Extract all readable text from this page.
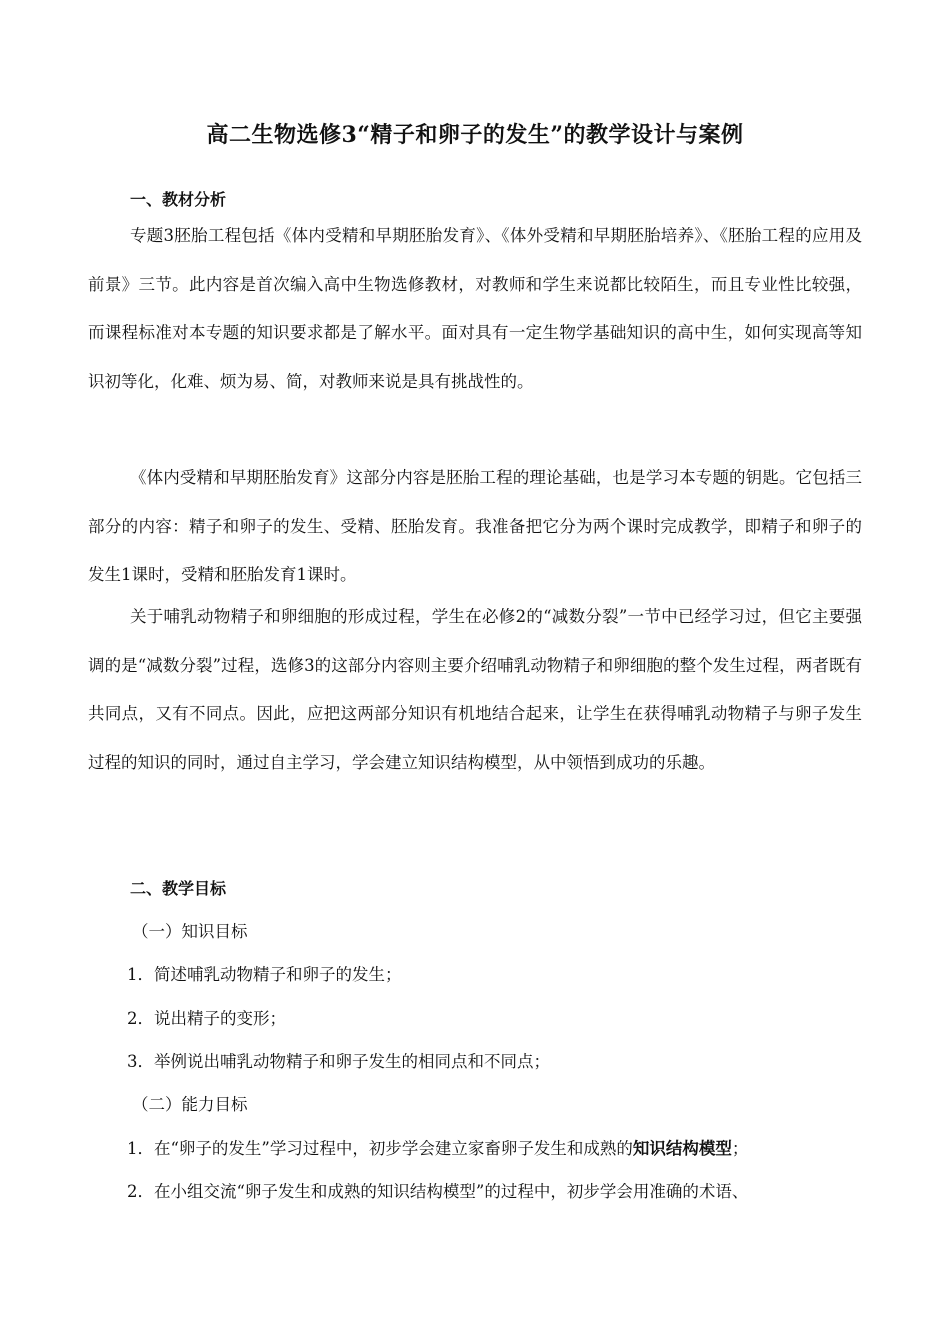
高二生物选修3“精子和卵子的发生”的教学设计与案例
一、教材分析

专题3胚胎工程包括《体内受精和早期胚胎发育》、《体外受精和早期胚胎培养》、《胚胎工程的应用及前景》三节。此内容是首次编入高中生物选修教材，对教师和学生来说都比较陌生，而且专业性比较强，而课程标准对本专题的知识要求都是了解水平。面对具有一定生物学基础知识的高中生，如何实现高等知识初等化，化难、烦为易、简，对教师来说是具有挑战性的。

《体内受精和早期胚胎发育》这部分内容是胚胎工程的理论基础，也是学习本专题的钥匙。它包括三部分的内容：精子和卵子的发生、受精、胚胎发育。我准备把它分为两个课时完成教学，即精子和卵子的发生1课时，受精和胚胎发育1课时。

关于哺乳动物精子和卵细胞的形成过程，学生在必修2的“减数分裂”一节中已经学习过，但它主要强调的是“减数分裂”过程，选修3的这部分内容则主要介绍哺乳动物精子和卵细胞的整个发生过程，两者既有共同点，又有不同点。因此，应把这两部分知识有机地结合起来，让学生在获得哺乳动物精子与卵子发生过程的知识的同时，通过自主学习，学会建立知识结构模型，从中领悟到成功的乐趣。

二、教学目标
（一）知识目标
1．简述哺乳动物精子和卵子的发生；
2．说出精子的变形；
3．举例说出哺乳动物精子和卵子发生的相同点和不同点；
（二）能力目标
1．在“卵子的发生”学习过程中，初步学会建立家畜卵子发生和成熟的知识结构模型；
2．在小组交流“卵子发生和成熟的知识结构模型”的过程中，初步学会用准确的术语、
